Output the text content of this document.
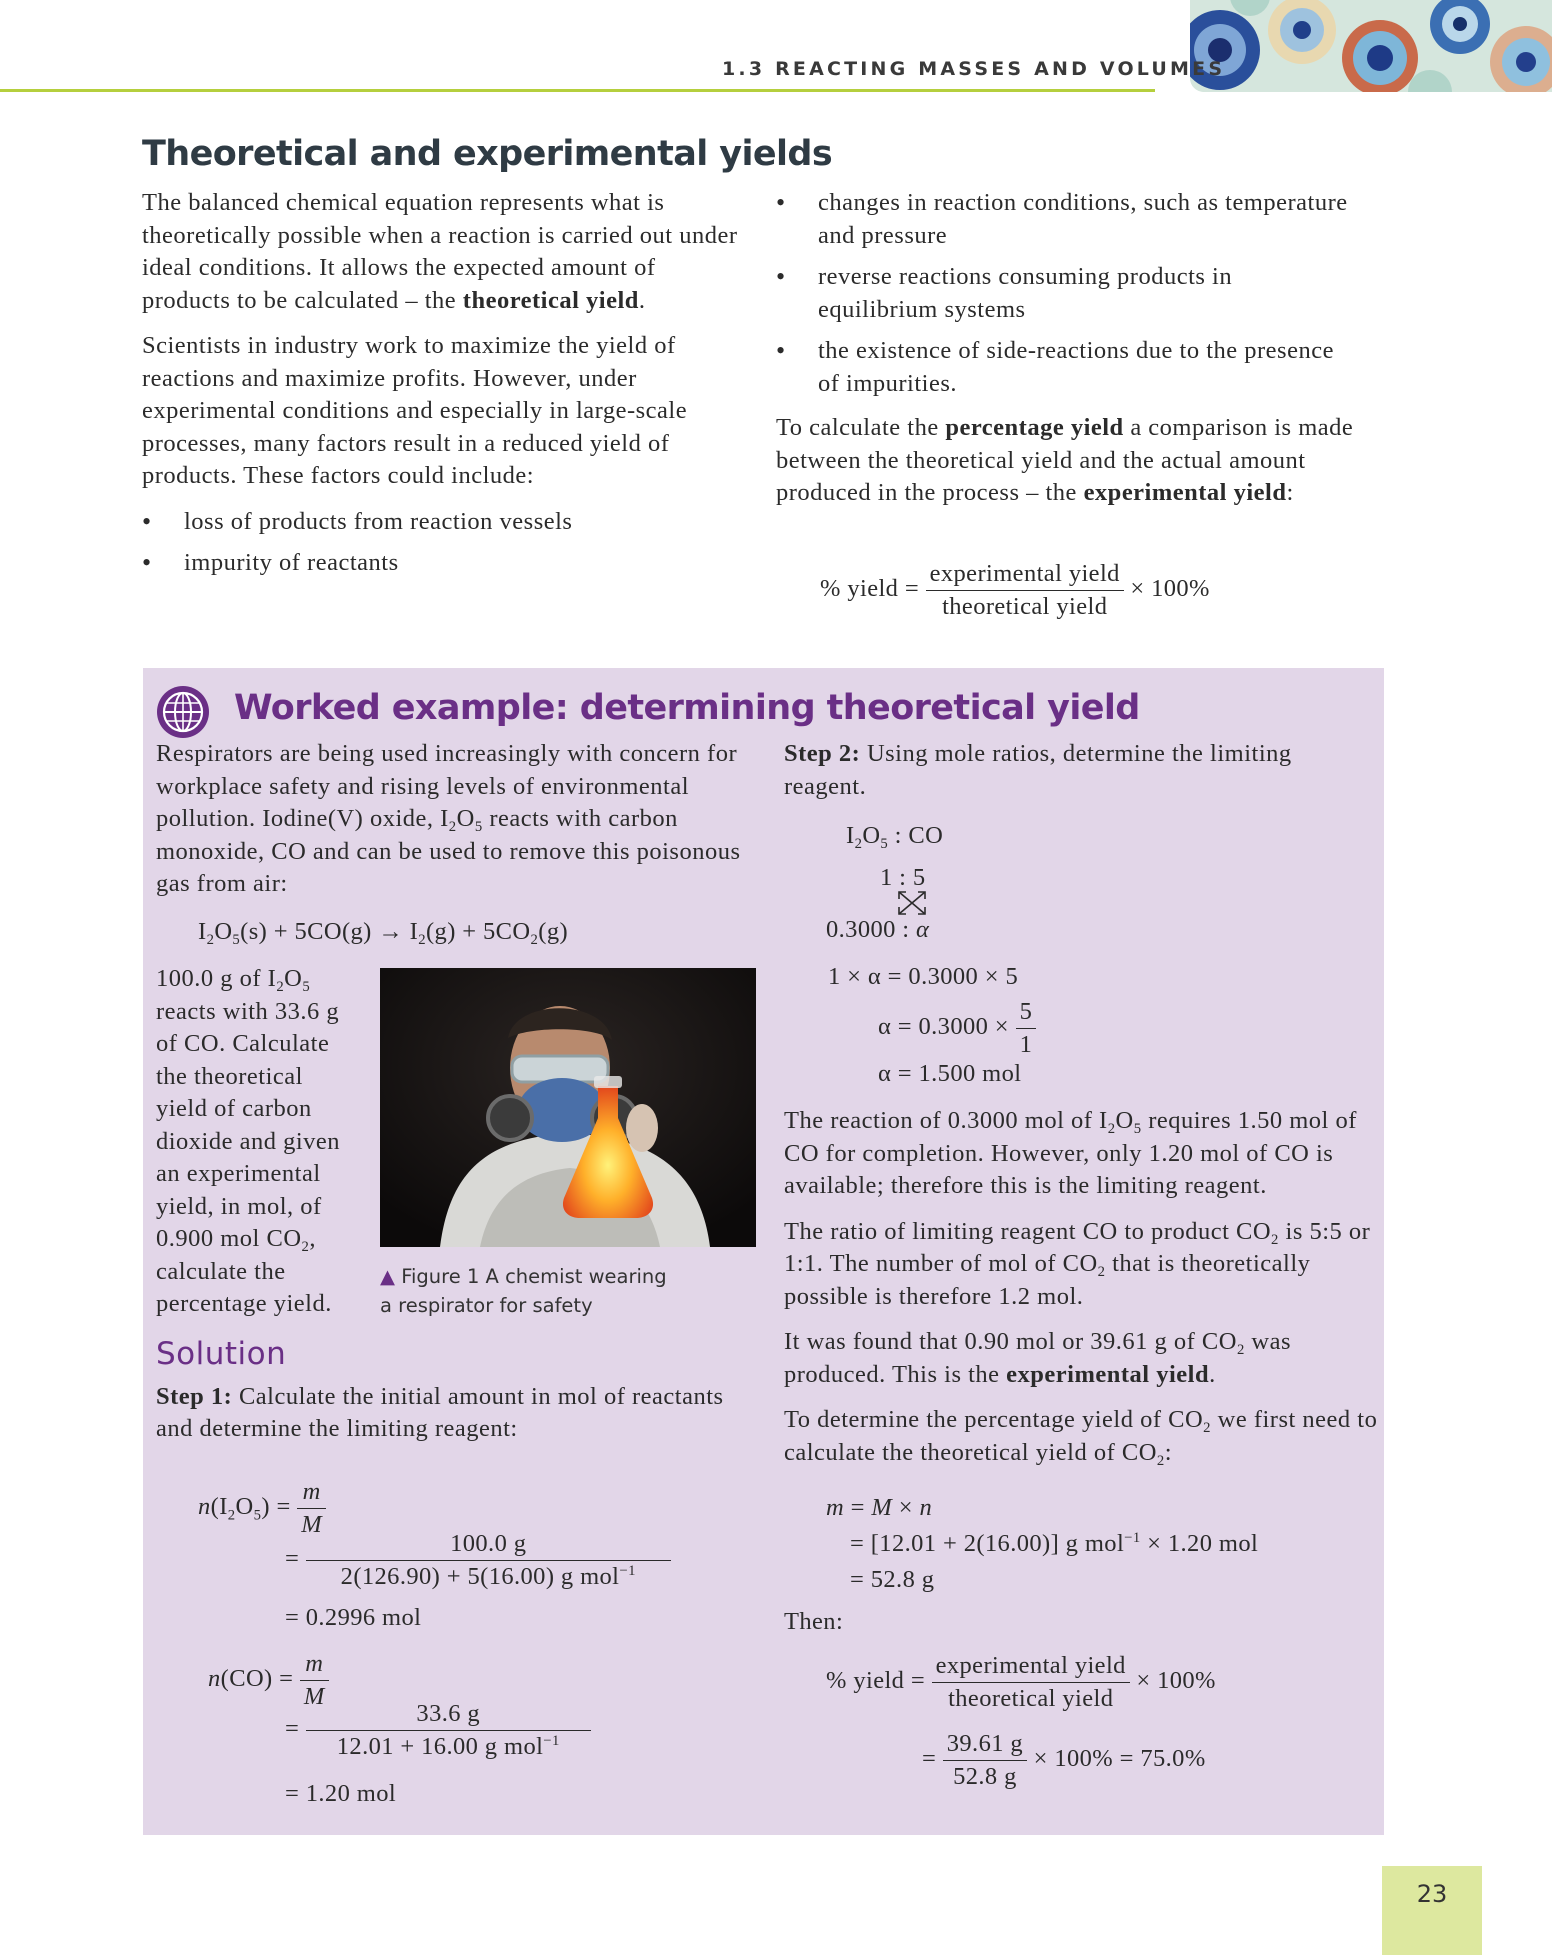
1.3 REACTING MASSES AND VOLUMES
Theoretical and experimental yields

The balanced chemical equation represents what is theoretically possible when a reaction is carried out under ideal conditions. It allows the expected amount of products to be calculated – the theoretical yield.

Scientists in industry work to maximize the yield of reactions and maximize profits. However, under experimental conditions and especially in large-scale processes, many factors result in a reduced yield of products. These factors could include:

• loss of products from reaction vessels
• impurity of reactants
• changes in reaction conditions, such as temperature and pressure
• reverse reactions consuming products in equilibrium systems
• the existence of side-reactions due to the presence of impurities.

To calculate the percentage yield a comparison is made between the theoretical yield and the actual amount produced in the process – the experimental yield:

% yield = $\frac{\text{experimental yield}}{\text{theoretical yield}} \times 100\%$
Worked example: determining theoretical yield

Respirators are being used increasingly with concern for workplace safety and rising levels of environmental pollution. Iodine(V) oxide, $I_2O_5$ reacts with carbon monoxide, CO and can be used to remove this poisonous gas from air:

$I_2O_5(s) + 5CO(g) \to I_2(g) + 5CO_2(g)$
100.0 g of $I_2O_5$
reacts with 33.6 g
of CO. Calculate
the theoretical
yield of carbon
dioxide and given
an experimental
yield, in mol, of
0.900 mol $CO_2$,
calculate the
percentage yield.
▲ Figure 1 A chemist wearing a respirator for safety
Solution

Step 1: Calculate the initial amount in mol of reactants and determine the limiting reagent:

$n(I_2O_5) = \frac{m}{M}$
= $\frac{100.0 g}{2(126.90) + 5(16.00) g mol^{-1}}$
= 0.2996 mol
$n(CO) = \frac{m}{M}$
= $\frac{33.6 g}{12.01 + 16.00 g mol^{-1}}$
= 1.20 mol

Step 2: Using mole ratios, determine the limiting reagent.

$I_2O_5$ : CO
1 : 5
0.3000 : α
1 × α = 0.3000 × 5
$\alpha = 0.3000 \times \frac{5}{1}$
α = 1.500 mol

The reaction of 0.3000 mol of $I_2O_5$ requires 1.50 mol of CO for completion. However, only 1.20 mol of CO is available; therefore this is the limiting reagent.

The ratio of limiting reagent CO to product $CO_2$ is 5:5 or 1:1. The number of mol of $CO_2$ that is theoretically possible is therefore 1.2 mol.

It was found that 0.90 mol or 39.61 g of $CO_2$ was produced. This is the experimental yield.

To determine the percentage yield of $CO_2$ we first need to calculate the theoretical yield of $CO_2$:

m = M × n
= [12.01 + 2(16.00)] g mol$^{-1}$ × 1.20 mol
= 52.8 g
Then:
% yield = $\frac{\text{experimental yield}}{\text{theoretical yield}} \times 100\%$
= $\frac{39.61 g}{52.8 g} \times 100\% = 75.0\%$
23
